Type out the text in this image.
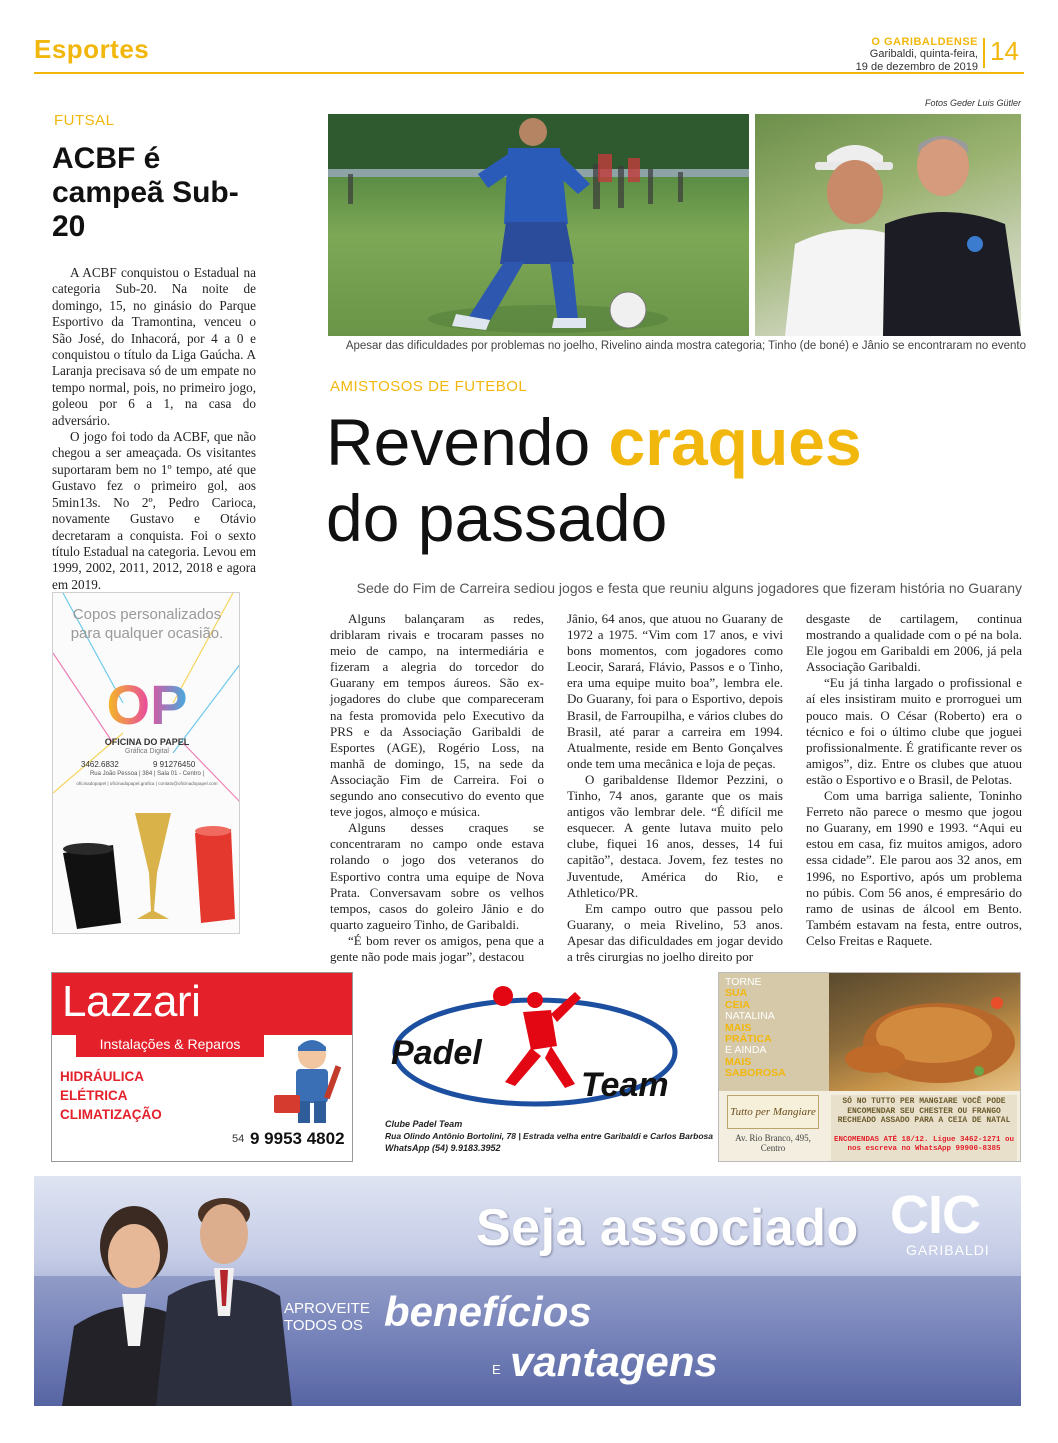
Esportes	O GARIBALDENSE
Garibaldi, quinta-feira,
19 de dezembro de 2019
14
FUTSAL
ACBF é campeã Sub-20

A ACBF conquistou o Estadual na categoria Sub-20. Na noite de domingo, 15, no ginásio do Parque Esportivo da Tramontina, venceu o São José, do Inhacorá, por 4 a 0 e conquistou o título da Liga Gaúcha. A Laranja precisava só de um empate no tempo normal, pois, no primeiro jogo, goleou por 6 a 1, na casa do adversário.

O jogo foi todo da ACBF, que não chegou a ser ameaçada. Os visitantes suportaram bem no 1º tempo, até que Gustavo fez o primeiro gol, aos 5min13s. No 2º, Pedro Carioca, novamente Gustavo e Otávio decretaram a conquista. Foi o sexto título Estadual na categoria. Levou em 1999, 2002, 2011, 2012, 2018 e agora em 2019.

Fotos Geder Luis Gütler
Apesar das dificuldades por problemas no joelho, Rivelino ainda mostra categoria; Tinho (de boné) e Jânio se encontraram no evento
AMISTOSOS DE FUTEBOL
Revendo craques
do passado
Sede do Fim de Carreira sediou jogos e festa que reuniu alguns jogadores que fizeram história no Guarany

Alguns balançaram as redes, driblaram rivais e trocaram passes no meio de campo, na intermediária e fizeram a alegria do torcedor do Guarany em tempos áureos. São ex-jogadores do clube que compareceram na festa promovida pelo Executivo da PRS e da Associação Garibaldi de Esportes (AGE), Rogério Loss, na manhã de domingo, 15, na sede da Associação Fim de Carreira. Foi o segundo ano consecutivo do evento que teve jogos, almoço e música.

Alguns desses craques se concentraram no campo onde estava rolando o jogo dos veteranos do Esportivo contra uma equipe de Nova Prata. Conversavam sobre os velhos tempos, casos do goleiro Jânio e do quarto zagueiro Tinho, de Garibaldi.

“É bom rever os amigos, pena que a gente não pode mais jogar”, destacou

Jânio, 64 anos, que atuou no Guarany de 1972 a 1975. “Vim com 17 anos, e vivi bons momentos, com jogadores como Leocir, Sarará, Flávio, Passos e o Tinho, era uma equipe muito boa”, lembra ele. Do Guarany, foi para o Esportivo, depois Brasil, de Farroupilha, e vários clubes do Brasil, até parar a carreira em 1994. Atualmente, reside em Bento Gonçalves onde tem uma mecânica e loja de peças.

O garibaldense Ildemor Pezzini, o Tinho, 74 anos, garante que os mais antigos vão lembrar dele. “É difícil me esquecer. A gente lutava muito pelo clube, fiquei 16 anos, desses, 14 fui capitão”, destaca. Jovem, fez testes no Juventude, América do Rio, e Athletico/PR.

Em campo outro que passou pelo Guarany, o meia Rivelino, 53 anos. Apesar das dificuldades em jogar devido a três cirurgias no joelho direito por

desgaste de cartilagem, continua mostrando a qualidade com o pé na bola. Ele jogou em Garibaldi em 2006, já pela Associação Garibaldi.

“Eu já tinha largado o profissional e aí eles insistiram muito e prorroguei um pouco mais. O César (Roberto) era o técnico e foi o último clube que joguei profissionalmente. É gratificante rever os amigos”, diz. Entre os clubes que atuou estão o Esportivo e o Brasil, de Pelotas.

Com uma barriga saliente, Toninho Ferreto não parece o mesmo que jogou no Guarany, em 1990 e 1993. “Aqui eu estou em casa, fiz muitos amigos, adoro essa cidade”. Ele parou aos 32 anos, em 1996, no Esportivo, após um problema no púbis. Com 56 anos, é empresário do ramo de usinas de álcool em Bento. Também estavam na festa, entre outros, Celso Freitas e Raquete.

Copos personalizados para qualquer ocasião.
OP
OFICINA DO PAPEL
Gráfica Digital
3462.6832	9 91276450
Rua João Pessoa | 384 | Sala 01 - Centro |
oficinadopapel | oficinadopapel.grafica | contato@oficinadopapel.com
Lazzari
Instalações & Reparos
HIDRÁULICA
ELÉTRICA
CLIMATIZAÇÃO
54 9 9953 4802
Padel
Team
Clube Padel Team
Rua Olindo Antônio Bortolini, 78 | Estrada velha entre Garibaldi e Carlos Barbosa
WhatsApp (54) 9.9183.3952
TORNE
SUA
CEIA
NATALINA
MAIS
PRÁTICA
E AINDA
MAIS
SABOROSA
Tutto per Mangiare
Av. Rio Branco, 495, Centro
SÓ NO TUTTO PER MANGIARE VOCÊ PODE ENCOMENDAR SEU CHESTER OU FRANGO RECHEADO ASSADO PARA A CEIA DE NATAL
ENCOMENDAS ATÉ 18/12. Ligue 3462-1271 ou nos escreva no WhatsApp 99900-8385
Seja associado CIC
GARIBALDI
APROVEITE
TODOS OS benefícios
E vantagens
